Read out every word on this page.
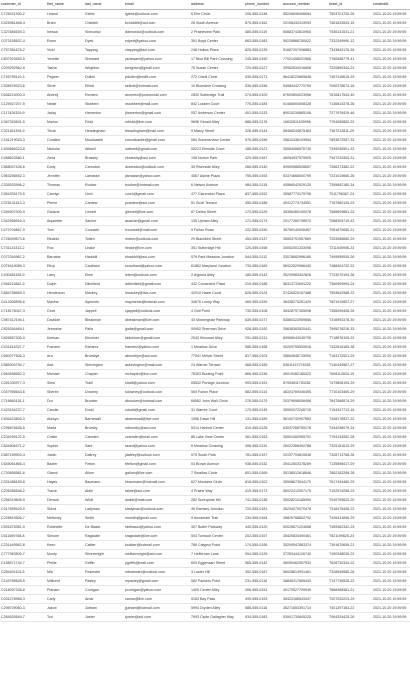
customer_id	first_name	last_name	email	address	phone_number	account_number	ticket_id	createdAt
C725421930-2	Leland	Glebe	lglebe@outlook.com	6 Elm Circle	206-555-0148	55226698406654	T504721720-26	2021-10-20 19:59:59
C425961848-4	Bram	Chiddell	bchiddell@aol.com	26 South Avenue	870-555-0162	20198432419093	T461833543-15	2021-10-20 19:59:59
C327846539-3	Inessa	Klimowicz	iklimowicz@outlook.com	2 Prairieview Park	480-555-0119	50683743810965	T536131531-21	2021-10-20 19:59:59
C073155537-4	Ewen	Dyett	edyett@yahoo.com	391 Boyd Center	663-555-0183	59228868750522	T332349990-12	2021-10-20 19:59:59
C757381678-2	Vicki	Tapping	vtapping@aol.com	248 Hollow Place	825-555-0135	51687297096883	T343843176-26	2021-10-20 19:59:59
C837923453-5	Yevette	Sheward	ysheward@yahoo.com	17 Blue Bill Park Crossing	245-555-0190	77021408031568	T760658779-41	2021-10-20 19:59:59
C209292562-9	Tasha	Wrighton	twrighton@gmail.com	76 Susan Center	720-555-0127	39952634016608	T220890344-23	2021-10-20 19:59:59
C745795110-3	Pegeen	Dullen	pdullen@rediff.com	272 Oneill Circle	530-555-0171	56418223665648	T457416615-29	2021-10-20 19:59:59
C536978323-6	Silvie	Elliott	selliott@hotmail.com	10 Bluestem Crossing	536-555-0156	54984442770759	T060378674-16	2021-10-20 19:59:59
C636214000-3	Andreij	Romero	aromero@protonmail.com	2830 Sutteridge Trail	274-555-0109	67600894023956	T810817543-40	2021-10-20 19:59:59
C125927207-9	Neale	Stubbert	nstubbert@mail.com	842 Lukken Court	775-555-0184	51466593008328	T136814378-26	2021-10-20 19:59:59
C117426329-9	Jacky	Hamerton	jhamerton@gmail.com	057 Anderson Center	402-555-0133	89015234885108	T277976429-46	2021-10-20 19:59:59
C367353691-5	Marion	Fridd	mfridd@live.com	9696 Gerald Alley	886-555-0178	16632811635956	T794050852-23	2021-10-20 19:59:59
C321181394-9	Tricia	Headingham	theadingham@mail.com	9 Marcy Street	328-555-0144	58468244875483	T367212811-29	2021-10-20 19:59:59
C181219043-3	Coraline	Moulicastle	cmoulicastle@gmail.com	084 Summerview Center	976-555-0196	35810436193954	T893672557-33	2021-10-20 19:59:59
C493666323-8	Nickolai	Attwell	nattwell@gmail.com	06223 Elmside Court	186-555-0121	35554088576740	T349030501-33	2021-10-20 19:59:59
C458623580-1	Zena	Brassby	zbrassby@aol.com	108 Norton Park	429-555-0167	46054937579905	T947234305-31	2021-10-20 19:59:59
C568047426-6	Dody	Carrodus	dcarrodus@outlook.com	35 Riverside Alley	266-555-0140	59590588528657	T266373382-22	2021-10-20 19:59:59
C963298452-3	Jennifer	Lamasse	jlamasse@yahoo.com	4567 Alpine Plaza	755-555-0193	53374668000799	T231019660-26	2021-10-20 19:59:59
C335533996-2	Thomas	Rooker	trooker@hotmail.com	6 Nelson Avenue	984-555-0115	45568042029125	T395692180-34	2021-10-20 19:59:59
C954335179-5	Carolyn	Urch	curch@gmail.com	477 Clarendon Plaza	837-555-0152	35587773179798	T011796367-24	2021-10-20 19:59:59
C378131613-3	Pierce	Cardew	pcardew@aol.com	51 Scott Terrace	450-555-0186	40412773734551	T787960130-23	2021-10-20 19:59:59
C394907009-9	Gadsne	Linnett	glinnett@live.com	87 Debra Street	173-555-0129	35356460100078	T685809881-22	2021-10-20 19:59:59
C942955916-4	Anjanette	Sacher	asacher@gmail.com	135 Upham Alley	171-555-0174	20177260798970	T088305719-43	2021-10-20 19:59:59
C472704667-9	Tom	Counsell	tcounsell@mail.com	9 Fulton Road	222-555-0150	35759140906467	T081870650-21	2021-10-20 19:59:59
C726049573-6	Rinaldo	Totten	rtotten@outlook.com	29 Blackbird Street	454-555-0137	35553791957869	T253088660-29	2021-10-20 19:59:59
C731131313-2	Roz	Leake	rleake@live.com	351 Sutteridge Hill	120-555-0198	30052001333098	T211545908-23	2021-10-20 19:59:59
C072344967-2	Barnabe	Haddrill	bhaddrill@aol.com	976 Park Meadow Junction	544-555-0112	33078682996180	T495959530-26	2021-10-20 19:59:59
C076419089-3	Ethyl	Cauthant	ecauthant@yahoo.com	61862 Maryland Junction	733-555-0165	56022520986440	T488404732-22	2021-10-20 19:59:59
C430481155-9	Larry	Elem	lelem@outlook.com	2 Algoma Alley	180-555-0143	35239983402828	T723070194-36	2021-10-20 19:59:59
C946211662-9	Dolph	Ditchfield	dditchfield@gmail.com	442 Comanche Place	219-555-0188	56313732691220	T360909594-24	2021-10-20 19:59:59
C684758559-3	Henderson	Mackey	hmackey@live.com	42919 Hazel Court	626-555-0124	37426520157488	T553632988-22	2021-10-20 19:59:59
C413306595-6	Maxine	Ayments	mayments@hotmail.com	34676 Loney Way	460-555-0159	36438273261429	T621910857-27	2021-10-20 19:59:59
C718176047-3	Cece	Jappell	cjappell@outlook.com	4 Golf Point	730-555-0108	35428797355098	T356099408-26	2021-10-20 19:59:59
C987412194-1	Davidde	Bleakman	dbleakman@live.com	40 Morningstar Parkway	639-555-0177	53580322959566	T316993376-30	2021-10-20 19:59:59
C825264469-1	Jermaine	Palla	jpalla@gmail.com	00952 Sherman Drive	928-555-0192	35638363520441	T995276226-33	2021-10-20 19:59:59
C826557305-9	Keenan	Kitchiner	kkitchiner@gmail.com	2043 Kinsman Alley	291-555-0131	69958043045795	T718876105-23	2021-10-20 19:59:59
C431616327-7	Franzen	Ramirez	framirez@yahoo.com	1 Meadow Drive	586-555-0168	30209755539518	T432615165-38	2021-10-20 19:59:59
C660077606-3	Ara	Brumbye	abrumbye@aol.com	77941 Melvin Street	817-555-0103	35664646715090	T163172521-29	2021-10-20 19:59:59
C585304794-7	Ada	Skevington	askevington@mail.com	24 Warner Terrace	468-555-0185	63611157274535	T140449587-27	2021-10-20 19:59:59
C563698562-3	Michael	Chapter	mchapter@live.com	76303 Bunting Point	866-555-0136	49019482166320	T608112834-19	2021-10-20 19:59:59
C281330977-3	Stew	Traill	straill@yahoo.com	05532 Portage Junction	993-555-0191	67954811753282	T479806194-29	2021-10-20 19:59:59
C047955643-6	Sheree	Downey	sdowney@outlook.com	500 Fulton Place	582-555-0114	48103769346495	T710103460-29	2021-10-20 19:59:59
C716660151-1	Dru	Brooker	dbrooker@hotmail.com	66562 John Wall Circle	276-555-0179	20379698006498	T847568974-29	2021-10-20 19:59:59
C423154237-7	Carolie	Dodd	cdodd@gmail.com	31 Warrior Court	170-555-0145	35590072245715	T154347713-16	2021-10-20 19:59:59
C494423603-3	Aldwyn	Barnewall	abarnewall@live.com	1558 Dawn Hill	131-555-0189	56100742997583	T408178937-22	2021-10-20 19:59:59
C296876636-5	Marta	Brumby	mbrumby@aol.com	5314 Harbort Center	410-555-0128	63047268755176	T434298079-24	2021-10-20 19:59:59
C234299122-5	Cristie	Camden	ccamden@mail.com	86 Lake View Center	361-555-0153	35591082955791	T794134552-28	2021-10-20 19:59:59
C834806471-2	Sophie	Sant	ssant@yahoo.com	6 Meadow Crossing	496-555-0110	26022366492788	T325151610-29	2021-10-20 19:59:59
C687159903-4	Justin	Daltrey	jdaltrey@outlook.com	975 South Park	781-555-0197	20197794815548	T328713768-28	2021-10-20 19:59:59
C645061866-4	Baxter	Felton	bfelton@gmail.com	03 Brown Avenue	938-555-0132	35412803378289	T135598417-29	2021-10-20 19:59:59
C720656581-6	Gianni	Allom	gallom@live.com	7 Swallow Circle	601-555-0169	35138512618848	T882152289-28	2021-10-20 19:59:59
C331488189-8	Hayes	Baumann	hbaumann@hotmail.com	627 Montana Circle	816-555-0102	35598673544170	T617434480-29	2021-10-20 19:59:59
C226358548-2	Tracie	Aldie	taldie@aol.com	4 Prairie Way	419-555-0173	56022412097175	T102574258-23	2021-10-20 19:59:59
C266319608-9	Demott	Wildt	dwildt@mail.com	282 Sunnyside Hill	741-555-0138	35028210185990	T049795620-20	2021-10-20 19:59:59
C317899429-9	Shina	Ladyman	sladyman@outlook.com	46 Ramsey Junction	720-555-0181	35204070070478	T316475408-22	2021-10-20 19:59:59
C228619506-7	Melloney	Smith	msmith@gmail.com	9 Annamark Trail	234-555-0164	35829768802792	T426431696-29	2021-10-20 19:59:59
C591675351-9	Robinette	De Blasio	rdeblasio@yahoo.com	307 Butler Parkway	440-555-0120	50026671204658	T459462342-23	2021-10-20 19:59:59
C511569768-8	Simone	Ragsdale	sragsdale@live.com	503 Tomscot Center	202-555-0157	35420833490461	T621199825-24	2021-10-20 19:59:59
C231449562-8	Keen	Calder	kcalder@hotmail.com	786 Calypso Point	174-555-0195	35209547883374	T391670659-21	2021-10-20 19:59:59
C777963509-7	Monty	Silverwright	msilverwright@aol.com	7 Heffernan Lane	994-555-0126	37263444126740	T490348039-23	2021-10-20 19:59:59
C158471744-7	Phillie	Griffin	pgriffin@mail.com	605 Eggendart Street	565-555-0142	46059462597533	T628730334-22	2021-10-20 19:59:59
C284401103-5	Mia	Feamster	mfeamster@outlook.com	3 Luster Hill	392-555-0187	56028814991461	T328549586-26	2021-10-20 19:59:59
C149789828-5	Millicent	Pasley	mpasley@gmail.com	082 Packers Point	231-555-0116	36846317665443	T147736528-22	2021-10-20 19:59:59
C218097338-8	Putnam	Corrigan	pcorrigan@yahoo.com	1405 Center Alley	266-555-0151	40170527799949	T868498381-21	2021-10-20 19:59:59
C031278966-3	Carly	Amar	camar@live.com	9163 Bay Pass	499-555-0193	35423166543447	T007032224-29	2021-10-20 19:59:59
C298709060-3	Jakob	Jutham	jjutham@hotmail.com	5994 Dryden Alley	588-555-0118	35271853391714	T401297183-22	2021-10-20 19:59:59
C264525549-7	Tori	Juster	tjuster@aol.com	7993 Clyde Gallagher Way	934-555-0183	53901730845225	T064334425-26	2021-10-20 19:59:59
